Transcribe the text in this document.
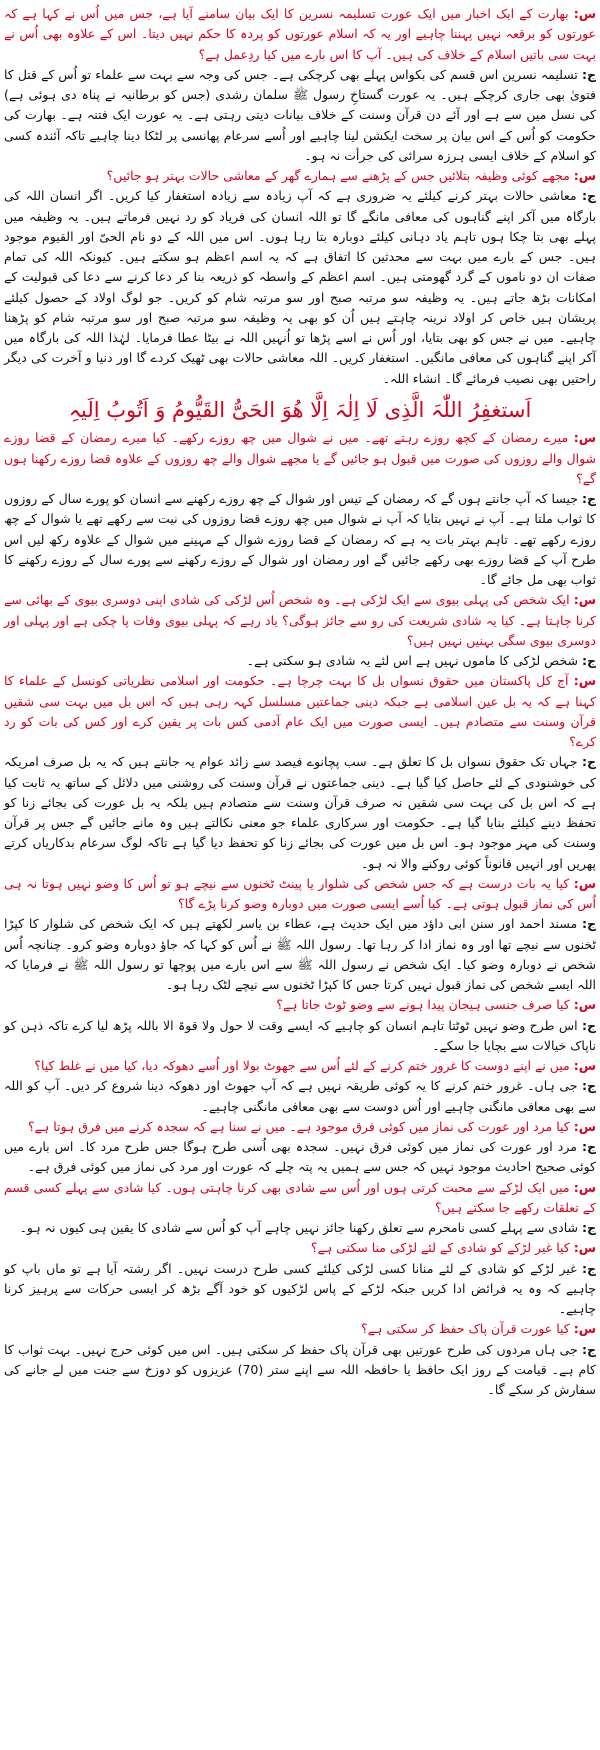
س: بھارت کے ایک اخبار میں ایک عورت تسلیمہ نسرین کا ایک بیان سامنے آیا ہے، جس میں اُس نے کہا ہے کہ عورتوں کو برقعہ نہیں پہننا چاہیے اور یہ کہ اسلام عورتوں کو پردہ کا حکم نہیں دیتا۔ اس کے علاوہ بھی اُس نے بہت سی باتیں اسلام کے خلاف کی ہیں۔ آپ کا اس بارے میں کیا ردِعمل ہے؟

ج: تسلیمہ نسرین اس قسم کی بکواس پہلے بھی کرچکی ہے۔ جس کی وجہ سے بہت سے علماء تو اُس کے قتل کا فتویٰ بھی جاری کرچکے ہیں۔ یہ عورت گستاخِ رسول ﷺ سلمان رشدی (جس کو برطانیہ نے پناہ دی ہوئی ہے) کی نسل میں سے ہے اور آئے دن قرآن وسنت کے خلاف بیانات دیتی رہتی ہے۔ یہ عورت ایک فتنہ ہے۔ بھارت کی حکومت کو اُس کے اس بیان پر سخت ایکشن لینا چاہیے اور اُسے سرعام پھانسی پر لٹکا دینا چاہیے تاکہ آئندہ کسی کو اسلام کے خلاف ایسی ہرزہ سرائی کی جرأت نہ ہو۔

س: مجھے کوئی وظیفہ بتلائیں جس کے پڑھنے سے ہمارے گھر کے معاشی حالات بہتر ہو جائیں؟

ج: معاشی حالات بہتر کرنے کیلئے یہ ضروری ہے کہ آپ زیادہ سے زیادہ استغفار کیا کریں۔ اگر انسان اللہ کی بارگاہ میں آکر اپنے گناہوں کی معافی مانگے گا تو اللہ انسان کی فریاد کو رد نہیں فرماتے ہیں۔ یہ وظیفہ میں پہلے بھی بتا چکا ہوں تاہم یاد دہانی کیلئے دوبارہ بتا رہا ہوں۔ اس میں اللہ کے دو نام الحیّ اور القیوم موجود ہیں۔ جس کے بارے میں بہت سے محدثین کا اتفاق ہے کہ یہ اسم اعظم ہو سکتے ہیں۔ کیونکہ اللہ کی تمام صفات ان دو ناموں کے گرد گھومتی ہیں۔ اسم اعظم کے واسطہ کو ذریعہ بنا کر دعا کرنے سے دعا کی قبولیت کے امکانات بڑھ جاتے ہیں۔ یہ وظیفہ سو مرتبہ صبح اور سو مرتبہ شام کو کریں۔ جو لوگ اولاد کے حصول کیلئے پریشان ہیں خاص کر اولاد نرینہ چاہتے ہیں اُن کو بھی یہ وظیفہ سو مرتبہ صبح اور سو مرتبہ شام کو پڑھنا چاہیے۔ میں نے جس کو بھی بتایا، اور اُس نے اسے پڑھا تو اُنہیں اللہ نے بیٹا عطا فرمایا۔ لہٰذا اللہ کی بارگاہ میں آکر اپنے گناہوں کی معافی مانگیں۔ استغفار کریں۔ اللہ معاشی حالات بھی ٹھیک کردے گا اور دنیا و آخرت کی دیگر راحتیں بھی نصیب فرمائے گا۔ انشاء اللہ۔

اَستغفِرُ اللّٰہَ الَّذِی لَا اِلٰہَ اِلَّا ھُوَ الحَیُّ القَیُّومُ وَ اَتُوبُ اِلَیہِ

س: میرے رمضان کے کچھ روزے رہتے تھے۔ میں نے شوال میں چھ روزے رکھے۔ کیا میرے رمضان کے قضا روزے شوال والے روزوں کی صورت میں قبول ہو جائیں گے یا مجھے شوال والے چھ روزوں کے علاوہ قضا روزے رکھنا ہوں گے؟

ج: جیسا کہ آپ جانتے ہوں گے کہ رمضان کے تیس اور شوال کے چھ روزے رکھنے سے انسان کو پورے سال کے روزوں کا ثواب ملتا ہے۔ آپ نے نہیں بتایا کہ آپ نے شوال میں چھ روزے قضا روزوں کی نیت سے رکھے تھے یا شوال کے چھ روزے رکھے تھے۔ تاہم بہتر بات یہ ہے کہ رمضان کے قضا روزے شوال کے مہینے میں شوال کے علاوہ رکھ لیں اس طرح آپ کے قضا روزے بھی رکھے جائیں گے اور رمضان اور شوال کے روزے رکھنے سے پورے سال کے روزے رکھنے کا ثواب بھی مل جائے گا۔

س: ایک شخص کی پہلی بیوی سے ایک لڑکی ہے۔ وہ شخص اُس لڑکی کی شادی اپنی دوسری بیوی کے بھائی سے کرنا چاہتا ہے۔ کیا یہ شادی شریعت کی رو سے جائز ہوگی؟ یاد رہے کہ پہلی بیوی وفات پا چکی ہے اور پہلی اور دوسری بیوی سگی بہنیں نہیں ہیں؟

ج: شخص لڑکی کا ماموں نہیں ہے اس لئے یہ شادی ہو سکتی ہے۔

س: آج کل پاکستان میں حقوق نسواں بل کا بہت چرچا ہے۔ حکومت اور اسلامی نظریاتی کونسل کے علماء کا کہنا ہے کہ یہ بل عین اسلامی ہے جبکہ دینی جماعتیں مسلسل کہہ رہی ہیں کہ اس بل میں بہت سی شقیں قرآن وسنت سے متصادم ہیں۔ ایسی صورت میں ایک عام آدمی کس بات پر یقین کرے اور کس کی بات کو رد کرے؟

ج: جہاں تک حقوق نسواں بل کا تعلق ہے۔ سب پچانوے فیصد سے زائد عوام یہ جانتے ہیں کہ یہ بل صرف امریکہ کی خوشنودی کے لئے حاصل کیا گیا ہے۔ دینی جماعتوں نے قرآن وسنت کی روشنی میں دلائل کے ساتھ یہ ثابت کیا ہے کہ اس بل کی بہت سی شقیں نہ صرف قرآن وسنت سے متصادم ہیں بلکہ یہ بل عورت کی بجائے زنا کو تحفظ دینے کیلئے بنایا گیا ہے۔ حکومت اور سرکاری علماء جو معنی نکالتے ہیں وہ مانے جائیں گے جس پر قرآن وسنت کی مہر موجود ہو۔ اس بل میں عورت کی بجائے زنا کو تحفظ دیا گیا ہے تاکہ لوگ سرعام بدکاریاں کرتے پھریں اور انہیں قانوناً کوئی روکنے والا نہ ہو۔

س: کیا یہ بات درست ہے کہ جس شخص کی شلوار یا پینٹ ٹخنوں سے نیچے ہو تو اُس کا وضو نہیں ہوتا نہ ہی اُس کی نماز قبول ہوتی ہے۔ کیا اُسے ایسی صورت میں دوبارہ وضو کرنا پڑے گا؟

ج: مسند احمد اور سنن ابی داؤد میں ایک حدیث ہے، عطاء بن یاسر لکھتے ہیں کہ ایک شخص کی شلوار کا کپڑا ٹخنوں سے نیچے تھا اور وہ نماز ادا کر رہا تھا۔ رسول اللہ ﷺ نے اُس کو کہا کہ جاؤ دوبارہ وضو کرو۔ چنانچہ اُس شخص نے دوبارہ وضو کیا۔ ایک شخص نے رسول اللہ ﷺ سے اس بارے میں پوچھا تو رسول اللہ ﷺ نے فرمایا کہ اللہ ایسے شخص کی نماز قبول نہیں کرتا جس کا کپڑا ٹخنوں سے نیچے لٹک رہا ہو۔

س: کیا صرف جنسی ہیجان پیدا ہونے سے وضو ٹوٹ جاتا ہے؟

ج: اس طرح وضو نہیں ٹوٹتا تاہم انسان کو چاہیے کہ ایسے وقت لا حول ولا قوۃ الا باللہ پڑھ لیا کرے تاکہ ذہن کو ناپاک خیالات سے بچایا جا سکے۔

س: میں نے اپنے دوست کا غرور ختم کرنے کے لئے اُس سے جھوٹ بولا اور اُسے دھوکہ دیا، کیا میں نے غلط کیا؟

ج: جی ہاں۔ غرور ختم کرنے کا یہ کوئی طریقہ نہیں ہے کہ آپ جھوٹ اور دھوکہ دینا شروع کر دیں۔ آپ کو اللہ سے بھی معافی مانگنی چاہیے اور اُس دوست سے بھی معافی مانگنی چاہیے۔

س: کیا مرد اور عورت کی نماز میں کوئی فرق موجود ہے۔ میں نے سنا ہے کہ سجدہ کرنے میں فرق ہوتا ہے؟

ج: مرد اور عورت کی نماز میں کوئی فرق نہیں۔ سجدہ بھی اُسی طرح ہوگا جس طرح مرد کا۔ اس بارے میں کوئی صحیح احادیث موجود نہیں کہ جس سے ہمیں یہ پتہ چلے کہ عورت اور مرد کی نماز میں کوئی فرق ہے۔

س: میں ایک لڑکے سے محبت کرتی ہوں اور اُس سے شادی بھی کرنا چاہتی ہوں۔ کیا شادی سے پہلے کسی قسم کے تعلقات رکھے جا سکتے ہیں؟

ج: شادی سے پہلے کسی نامحرم سے تعلق رکھنا جائز نہیں چاہے آپ کو اُس سے شادی کا یقین ہی کیوں نہ ہو۔

س: کیا غیر لڑکے کو شادی کے لئے لڑکی منا سکتی ہے؟

ج: غیر لڑکے کو شادی کے لئے منانا کسی لڑکی کیلئے کسی طرح درست نہیں۔ اگر رشتہ آیا ہے تو ماں باپ کو چاہیے کہ وہ یہ فرائض ادا کریں جبکہ لڑکے کے پاس لڑکیوں کو خود آگے بڑھ کر ایسی حرکات سے پرہیز کرنا چاہیے۔

س: کیا عورت قرآن پاک حفظ کر سکتی ہے؟

ج: جی ہاں مردوں کی طرح عورتیں بھی قرآن پاک حفظ کر سکتی ہیں۔ اس میں کوئی حرج نہیں۔ بہت ثواب کا کام ہے۔ قیامت کے روز ایک حافظ یا حافظہ اللہ سے اپنے ستر (70) عزیزوں کو دوزخ سے جنت میں لے جانے کی سفارش کر سکے گا۔
